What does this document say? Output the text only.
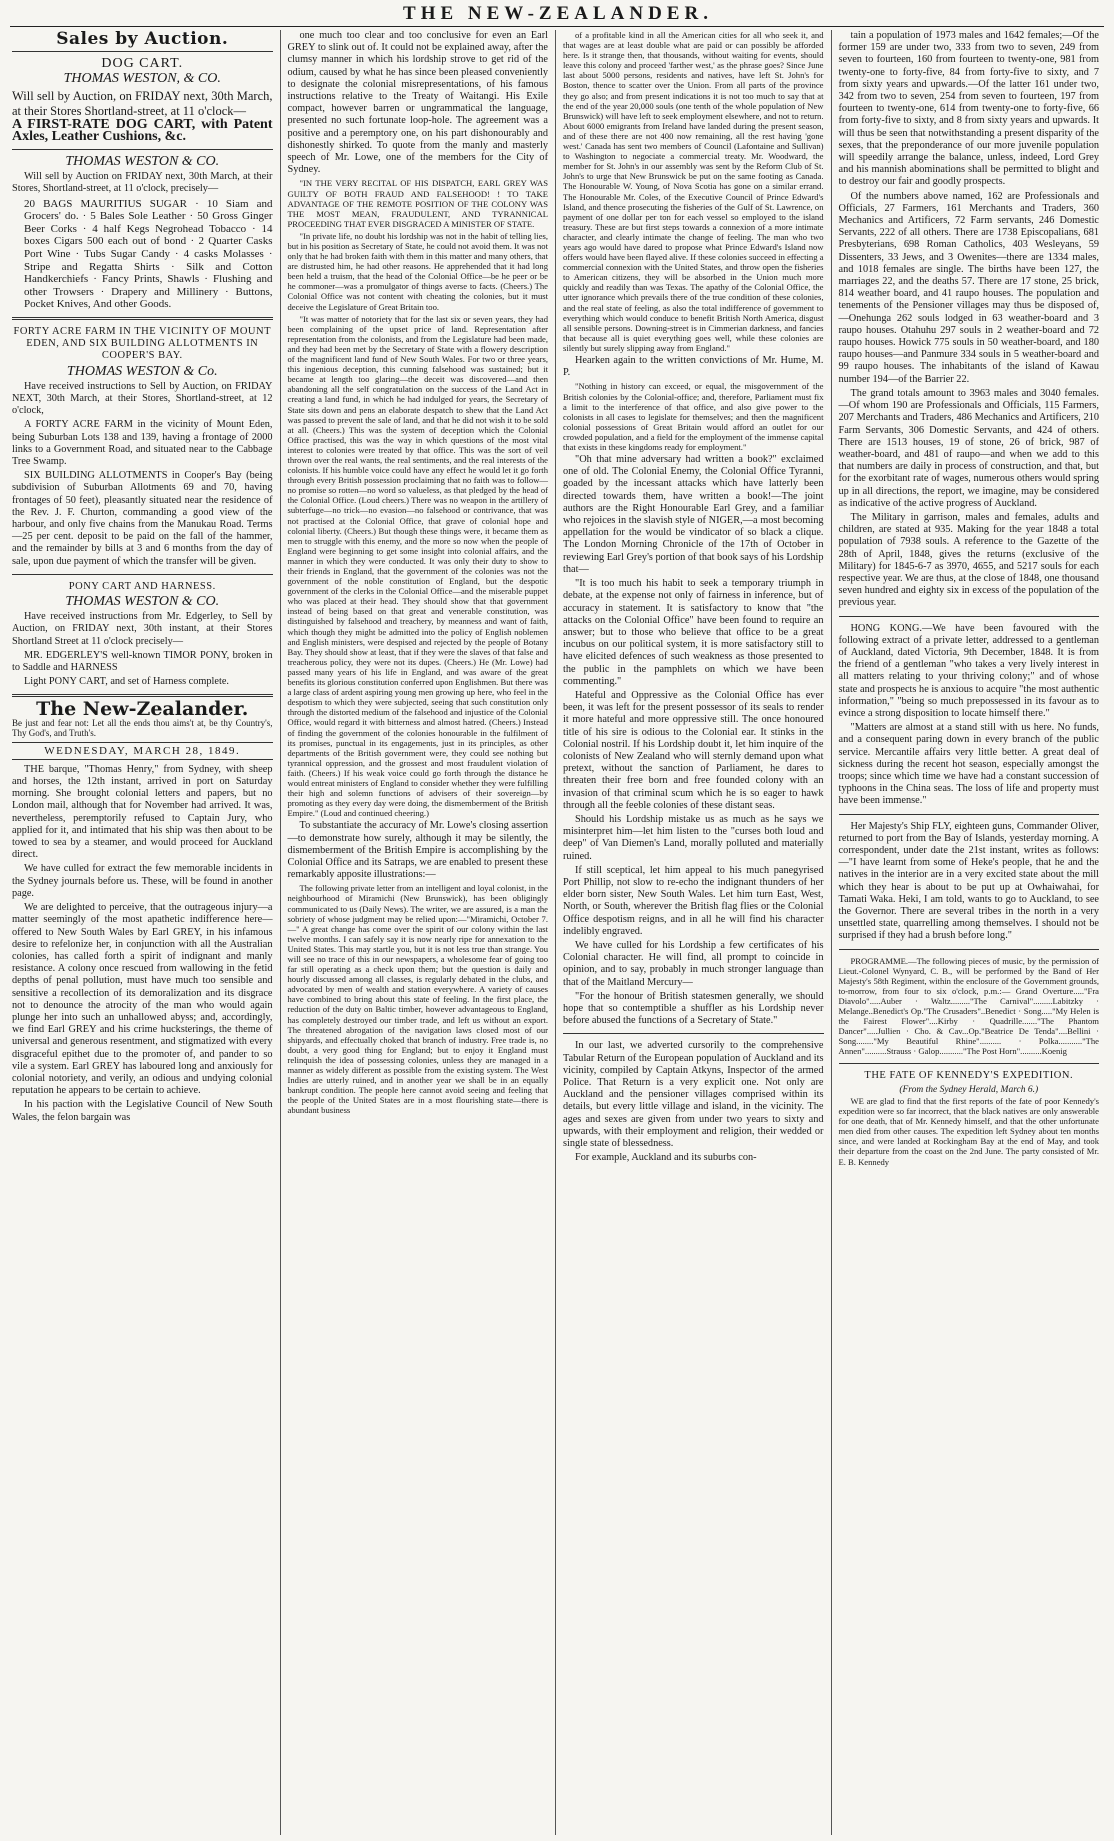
THE NEW-ZEALANDER.
Sales by Auction.
DOG CART.
THOMAS WESTON, & CO.
Will sell by Auction, on FRIDAY next, 30th March, at their Stores Shortland-street, at 11 o'clock—
A FIRST-RATE DOG CART, with Patent Axles, Leather Cushions, &c.
THOMAS WESTON & CO.

Will sell by Auction on FRIDAY next, 30th March, at their Stores, Shortland-street, at 11 o'clock, precisely—

20 BAGS MAURITIUS SUGAR · 10 Siam and Grocers' do. · 5 Bales Sole Leather · 50 Gross Ginger Beer Corks · 4 half Kegs Negrohead Tobacco · 14 boxes Cigars 500 each out of bond · 2 Quarter Casks Port Wine · Tubs Sugar Candy · 4 casks Molasses · Stripe and Regatta Shirts · Silk and Cotton Handkerchiefs · Fancy Prints, Shawls · Flushing and other Trowsers · Drapery and Millinery · Buttons, Pocket Knives, And other Goods.
FORTY ACRE FARM IN THE VICINITY OF MOUNT EDEN, AND SIX BUILDING ALLOTMENTS IN COOPER'S BAY.
THOMAS WESTON & Co.

Have received instructions to Sell by Auction, on FRIDAY NEXT, 30th March, at their Stores, Shortland-street, at 12 o'clock,

A FORTY ACRE FARM in the vicinity of Mount Eden, being Suburban Lots 138 and 139, having a frontage of 2000 links to a Government Road, and situated near to the Cabbage Tree Swamp.

SIX BUILDING ALLOTMENTS in Cooper's Bay (being subdivision of Suburban Allotments 69 and 70, having frontages of 50 feet), pleasantly situated near the residence of the Rev. J. F. Churton, commanding a good view of the harbour, and only five chains from the Manukau Road. Terms—25 per cent. deposit to be paid on the fall of the hammer, and the remainder by bills at 3 and 6 months from the day of sale, upon due payment of which the transfer will be given.

PONY CART AND HARNESS.
THOMAS WESTON & CO.

Have received instructions from Mr. Edgerley, to Sell by Auction, on FRIDAY next, 30th instant, at their Stores Shortland Street at 11 o'clock precisely—

MR. EDGERLEY'S well-known TIMOR PONY, broken in to Saddle and HARNESS

Light PONY CART, and set of Harness complete.

The New-Zealander.
Be just and fear not: Let all the ends thou aims't at, be thy Country's, Thy God's, and Truth's.
WEDNESDAY, MARCH 28, 1849.

THE barque, "Thomas Henry," from Sydney, with sheep and horses, the 12th instant, arrived in port on Saturday morning. She brought colonial letters and papers, but no London mail, although that for November had arrived. It was, nevertheless, peremptorily refused to Captain Jury, who applied for it, and intimated that his ship was then about to be towed to sea by a steamer, and would proceed for Auckland direct.

We have culled for extract the few memorable incidents in the Sydney journals before us. These, will be found in another page.

We are delighted to perceive, that the outrageous injury—a matter seemingly of the most apathetic indifference here—offered to New South Wales by Earl GREY, in his infamous desire to refelonize her, in conjunction with all the Australian colonies, has called forth a spirit of indignant and manly resistance. A colony once rescued from wallowing in the fetid depths of penal pollution, must have much too sensible and sensitive a recollection of its demoralization and its disgrace not to denounce the atrocity of the man who would again plunge her into such an unhallowed abyss; and, accordingly, we find Earl GREY and his crime hucksterings, the theme of universal and generous resentment, and stigmatized with every disgraceful epithet due to the promoter of, and pander to so vile a system. Earl GREY has laboured long and anxiously for colonial notoriety, and verily, an odious and undying colonial reputation he appears to be certain to achieve.

In his paction with the Legislative Council of New South Wales, the felon bargain was

one much too clear and too conclusive for even an Earl GREY to slink out of. It could not be explained away, after the clumsy manner in which his lordship strove to get rid of the odium, caused by what he has since been pleased conveniently to designate the colonial misrepresentations, of his famous instructions relative to the Treaty of Waitangi. His Exile compact, however barren or ungrammatical the language, presented no such fortunate loop-hole. The agreement was a positive and a peremptory one, on his part dishonourably and dishonestly shirked. To quote from the manly and masterly speech of Mr. Lowe, one of the members for the City of Sydney.

"IN THE VERY RECITAL OF HIS DISPATCH, EARL GREY WAS GUILTY OF BOTH FRAUD AND FALSEHOOD! ! TO TAKE ADVANTAGE OF THE REMOTE POSITION OF THE COLONY WAS THE MOST MEAN, FRAUDULENT, AND TYRANNICAL PROCEEDING THAT EVER DISGRACED A MINISTER OF STATE.

"In private life, no doubt his lordship was not in the habit of telling lies, but in his position as Secretary of State, he could not avoid them. It was not only that he had broken faith with them in this matter and many others, that are distrusted him, he had other reasons. He apprehended that it had long been held a truism, that the head of the Colonial Office—be he peer or be he commoner—was a promulgator of things averse to facts. (Cheers.) The Colonial Office was not content with cheating the colonies, but it must deceive the Legislature of Great Britain too.

"It was matter of notoriety that for the last six or seven years, they had been complaining of the upset price of land. Representation after representation from the colonists, and from the Legislature had been made, and they had been met by the Secretary of State with a flowery description of the magnificent land fund of New South Wales. For two or three years, this ingenious deception, this cunning falsehood was sustained; but it became at length too glaring—the deceit was discovered—and then abandoning all the self congratulation on the success of the Land Act in creating a land fund, in which he had indulged for years, the Secretary of State sits down and pens an elaborate despatch to shew that the Land Act was passed to prevent the sale of land, and that he did not wish it to be sold at all. (Cheers.) This was the system of deception which the Colonial Office practised, this was the way in which questions of the most vital interest to colonies were treated by that office. This was the sort of veil thrown over the real wants, the real sentiments, and the real interests of the colonists. If his humble voice could have any effect he would let it go forth through every British possession proclaiming that no faith was to follow—no promise so rotten—no word so valueless, as that pledged by the head of the Colonial Office. (Loud cheers.) There was no weapon in the artillery of subterfuge—no trick—no evasion—no falsehood or contrivance, that was not practised at the Colonial Office, that grave of colonial hope and colonial liberty. (Cheers.) But though these things were, it became them as men to struggle with this enemy, and the more so now when the people of England were beginning to get some insight into colonial affairs, and the manner in which they were conducted. It was only their duty to show to their friends in England, that the government of the colonies was not the government of the noble constitution of England, but the despotic government of the clerks in the Colonial Office—and the miserable puppet who was placed at their head. They should show that that government instead of being based on that great and venerable constitution, was distinguished by falsehood and treachery, by meanness and want of faith, which though they might be admitted into the policy of English noblemen and English ministers, were despised and rejected by the people of Botany Bay. They should show at least, that if they were the slaves of that false and treacherous policy, they were not its dupes. (Cheers.) He (Mr. Lowe) had passed many years of his life in England, and was aware of the great benefits its glorious constitution conferred upon Englishmen. But there was a large class of ardent aspiring young men growing up here, who feel in the despotism to which they were subjected, seeing that such constitution only through the distorted medium of the falsehood and injustice of the Colonial Office, would regard it with bitterness and almost hatred. (Cheers.) Instead of finding the government of the colonies honourable in the fulfilment of its promises, punctual in its engagements, just in its principles, as other departments of the British government were, they could see nothing but tyrannical oppression, and the grossest and most fraudulent violation of faith. (Cheers.) If his weak voice could go forth through the distance he would entreat ministers of England to consider whether they were fulfilling their high and solemn functions of advisers of their sovereign—by promoting as they every day were doing, the dismemberment of the British Empire." (Loud and continued cheering.)

To substantiate the accuracy of Mr. Lowe's closing assertion—to demonstrate how surely, although it may be silently, the dismemberment of the British Empire is accomplishing by the Colonial Office and its Satraps, we are enabled to present these remarkably apposite illustrations:—

The following private letter from an intelligent and loyal colonist, in the neighbourhood of Miramichi (New Brunswick), has been obligingly communicated to us (Daily News). The writer, we are assured, is a man the sobriety of whose judgment may be relied upon:—"Miramichi, October 7.—" A great change has come over the spirit of our colony within the last twelve months. I can safely say it is now nearly ripe for annexation to the United States. This may startle you, but it is not less true than strange. You will see no trace of this in our newspapers, a wholesome fear of going too far still operating as a check upon them; but the question is daily and hourly discussed among all classes, is regularly debated in the clubs, and advocated by men of wealth and station everywhere. A variety of causes have combined to bring about this state of feeling. In the first place, the reduction of the duty on Baltic timber, however advantageous to England, has completely destroyed our timber trade, and left us without an export. The threatened abrogation of the navigation laws closed most of our shipyards, and effectually choked that branch of industry. Free trade is, no doubt, a very good thing for England; but to enjoy it England must relinquish the idea of possessing colonies, unless they are managed in a manner as widely different as possible from the existing system. The West Indies are utterly ruined, and in another year we shall be in an equally bankrupt condition. The people here cannot avoid seeing and feeling that the people of the United States are in a most flourishing state—there is abundant business

of a profitable kind in all the American cities for all who seek it, and that wages are at least double what are paid or can possibly be afforded here. Is it strange then, that thousands, without waiting for events, should leave this colony and proceed 'farther west,' as the phrase goes? Since June last about 5000 persons, residents and natives, have left St. John's for Boston, thence to scatter over the Union. From all parts of the province they go also; and from present indications it is not too much to say that at the end of the year 20,000 souls (one tenth of the whole population of New Brunswick) will have left to seek employment elsewhere, and not to return. About 6000 emigrants from Ireland have landed during the present season, and of these there are not 400 now remaining, all the rest having 'gone west.' Canada has sent two members of Council (Lafontaine and Sullivan) to Washington to negociate a commercial treaty. Mr. Woodward, the member for St. John's in our assembly was sent by the Reform Club of St. John's to urge that New Brunswick be put on the same footing as Canada. The Honourable W. Young, of Nova Scotia has gone on a similar errand. The Honourable Mr. Coles, of the Executive Council of Prince Edward's Island, and thence prosecuting the fisheries of the Gulf of St. Lawrence, on payment of one dollar per ton for each vessel so employed to the island treasury. These are but first steps towards a connexion of a more intimate character, and clearly intimate the change of feeling. The man who two years ago would have dared to propose what Prince Edward's Island now offers would have been flayed alive. If these colonies succeed in effecting a commercial connexion with the United States, and throw open the fisheries to American citizens, they will be absorbed in the Union much more quickly and readily than was Texas. The apathy of the Colonial Office, the utter ignorance which prevails there of the true condition of these colonies, and the real state of feeling, as also the total indifference of government to everything which would conduce to benefit British North America, disgust all sensible persons. Downing-street is in Cimmerian darkness, and fancies that because all is quiet everything goes well, while these colonies are silently but surely slipping away from England."

Hearken again to the written convictions of Mr. Hume, M. P.

"Nothing in history can exceed, or equal, the misgovernment of the British colonies by the Colonial-office; and, therefore, Parliament must fix a limit to the interference of that office, and also give power to the colonists in all cases to legislate for themselves; and then the magnificent colonial possessions of Great Britain would afford an outlet for our crowded population, and a field for the employment of the immense capital that exists in these kingdoms ready for employment."

"Oh that mine adversary had written a book?" exclaimed one of old. The Colonial Enemy, the Colonial Office Tyranni, goaded by the incessant attacks which have latterly been directed towards them, have written a book!—The joint authors are the Right Honourable Earl Grey, and a familiar who rejoices in the slavish style of NIGER,—a most becoming appellation for the would be vindicator of so black a clique. The London Morning Chronicle of the 17th of October in reviewing Earl Grey's portion of that book says of his Lordship that—

"It is too much his habit to seek a temporary triumph in debate, at the expense not only of fairness in inference, but of accuracy in statement. It is satisfactory to know that "the attacks on the Colonial Office" have been found to require an answer; but to those who believe that office to be a great incubus on our political system, it is more satisfactory still to have elicited defences of such weakness as those presented to the public in the pamphlets on which we have been commenting."

Hateful and Oppressive as the Colonial Office has ever been, it was left for the present possessor of its seals to render it more hateful and more oppressive still. The once honoured title of his sire is odious to the Colonial ear. It stinks in the Colonial nostril. If his Lordship doubt it, let him inquire of the colonists of New Zealand who will sternly demand upon what pretext, without the sanction of Parliament, he dares to threaten their free born and free founded colony with an invasion of that criminal scum which he is so eager to hawk through all the feeble colonies of these distant seas.

Should his Lordship mistake us as much as he says we misinterpret him—let him listen to the "curses both loud and deep" of Van Diemen's Land, morally polluted and materially ruined.

If still sceptical, let him appeal to his much panegyrised Port Phillip, not slow to re-echo the indignant thunders of her elder born sister, New South Wales. Let him turn East, West, North, or South, wherever the British flag flies or the Colonial Office despotism reigns, and in all he will find his character indelibly engraved.

We have culled for his Lordship a few certificates of his Colonial character. He will find, all prompt to coincide in opinion, and to say, probably in much stronger language than that of the Maitland Mercury—

"For the honour of British statesmen generally, we should hope that so contemptible a shuffler as his Lordship never before abused the functions of a Secretary of State."

In our last, we adverted cursorily to the comprehensive Tabular Return of the European population of Auckland and its vicinity, compiled by Captain Atkyns, Inspector of the armed Police. That Return is a very explicit one. Not only are Auckland and the pensioner villages comprised within its details, but every little village and island, in the vicinity. The ages and sexes are given from under two years to sixty and upwards, with their employment and religion, their wedded or single state of blessedness.

For example, Auckland and its suburbs con-

tain a population of 1973 males and 1642 females;—Of the former 159 are under two, 333 from two to seven, 249 from seven to fourteen, 160 from fourteen to twenty-one, 981 from twenty-one to forty-five, 84 from forty-five to sixty, and 7 from sixty years and upwards.—Of the latter 161 under two, 342 from two to seven, 254 from seven to fourteen, 197 from fourteen to twenty-one, 614 from twenty-one to forty-five, 66 from forty-five to sixty, and 8 from sixty years and upwards. It will thus be seen that notwithstanding a present disparity of the sexes, that the preponderance of our more juvenile population will speedily arrange the balance, unless, indeed, Lord Grey and his mannish abominations shall be permitted to blight and to destroy our fair and goodly prospects.

Of the numbers above named, 162 are Professionals and Officials, 27 Farmers, 161 Merchants and Traders, 360 Mechanics and Artificers, 72 Farm servants, 246 Domestic Servants, 222 of all others. There are 1738 Episcopalians, 681 Presbyterians, 698 Roman Catholics, 403 Wesleyans, 59 Dissenters, 33 Jews, and 3 Owenites—there are 1334 males, and 1018 females are single. The births have been 127, the marriages 22, and the deaths 57. There are 17 stone, 25 brick, 814 weather board, and 41 raupo houses. The population and tenements of the Pensioner villages may thus be disposed of,—Onehunga 262 souls lodged in 63 weather-board and 3 raupo houses. Otahuhu 297 souls in 2 weather-board and 72 raupo houses. Howick 775 souls in 50 weather-board, and 180 raupo houses—and Panmure 334 souls in 5 weather-board and 99 raupo houses. The inhabitants of the island of Kawau number 194—of the Barrier 22.

The grand totals amount to 3963 males and 3040 females.—Of whom 190 are Professionals and Officials, 115 Farmers, 207 Merchants and Traders, 486 Mechanics and Artificers, 210 Farm Servants, 306 Domestic Servants, and 424 of others. There are 1513 houses, 19 of stone, 26 of brick, 987 of weather-board, and 481 of raupo—and when we add to this that numbers are daily in process of construction, and that, but for the exorbitant rate of wages, numerous others would spring up in all directions, the report, we imagine, may be considered as indicative of the active progress of Auckland.

The Military in garrison, males and females, adults and children, are stated at 935. Making for the year 1848 a total population of 7938 souls. A reference to the Gazette of the 28th of April, 1848, gives the returns (exclusive of the Military) for 1845-6-7 as 3970, 4655, and 5217 souls for each respective year. We are thus, at the close of 1848, one thousand seven hundred and eighty six in excess of the population of the previous year.

HONG KONG.—We have been favoured with the following extract of a private letter, addressed to a gentleman of Auckland, dated Victoria, 9th December, 1848. It is from the friend of a gentleman "who takes a very lively interest in all matters relating to your thriving colony;" and of whose state and prospects he is anxious to acquire "the most authentic information," "being so much prepossessed in its favour as to evince a strong disposition to locate himself there."

"Matters are almost at a stand still with us here. No funds, and a consequent paring down in every branch of the public service. Mercantile affairs very little better. A great deal of sickness during the recent hot season, especially amongst the troops; since which time we have had a constant succession of typhoons in the China seas. The loss of life and property must have been immense."

Her Majesty's Ship FLY, eighteen guns, Commander Oliver, returned to port from the Bay of Islands, yesterday morning. A correspondent, under date the 21st instant, writes as follows:—"I have learnt from some of Heke's people, that he and the natives in the interior are in a very excited state about the mill which they hear is about to be put up at Owhaiwahai, for Tamati Waka. Heki, I am told, wants to go to Auckland, to see the Governor. There are several tribes in the north in a very unsettled state, quarrelling among themselves. I should not be surprised if they had a brush before long."

PROGRAMME.—The following pieces of music, by the permission of Lieut.-Colonel Wynyard, C. B., will be performed by the Band of Her Majesty's 58th Regiment, within the enclosure of the Government grounds, to-morrow, from four to six o'clock, p.m.:— Grand Overture....."Fra Diavolo".....Auber · Waltz........."The Carnival".........Labitzky · Melange..Benedict's Op."The Crusaders"..Benedict · Song....."My Helen is the Fairest Flower"....Kirby · Quadrille......."The Phantom Dancer".....Jullien · Cho. & Cav...Op."Beatrice De Tenda"....Bellini · Song........"My Beautiful Rhine".......... · Polka..........."The Annen"..........Strauss · Galop..........."The Post Horn"..........Koenig

THE FATE OF KENNEDY'S EXPEDITION.
(From the Sydney Herald, March 6.)

WE are glad to find that the first reports of the fate of poor Kennedy's expedition were so far incorrect, that the black natives are only answerable for one death, that of Mr. Kennedy himself, and that the other unfortunate men died from other causes. The expedition left Sydney about ten months since, and were landed at Rockingham Bay at the end of May, and took their departure from the coast on the 2nd June. The party consisted of Mr. E. B. Kennedy
